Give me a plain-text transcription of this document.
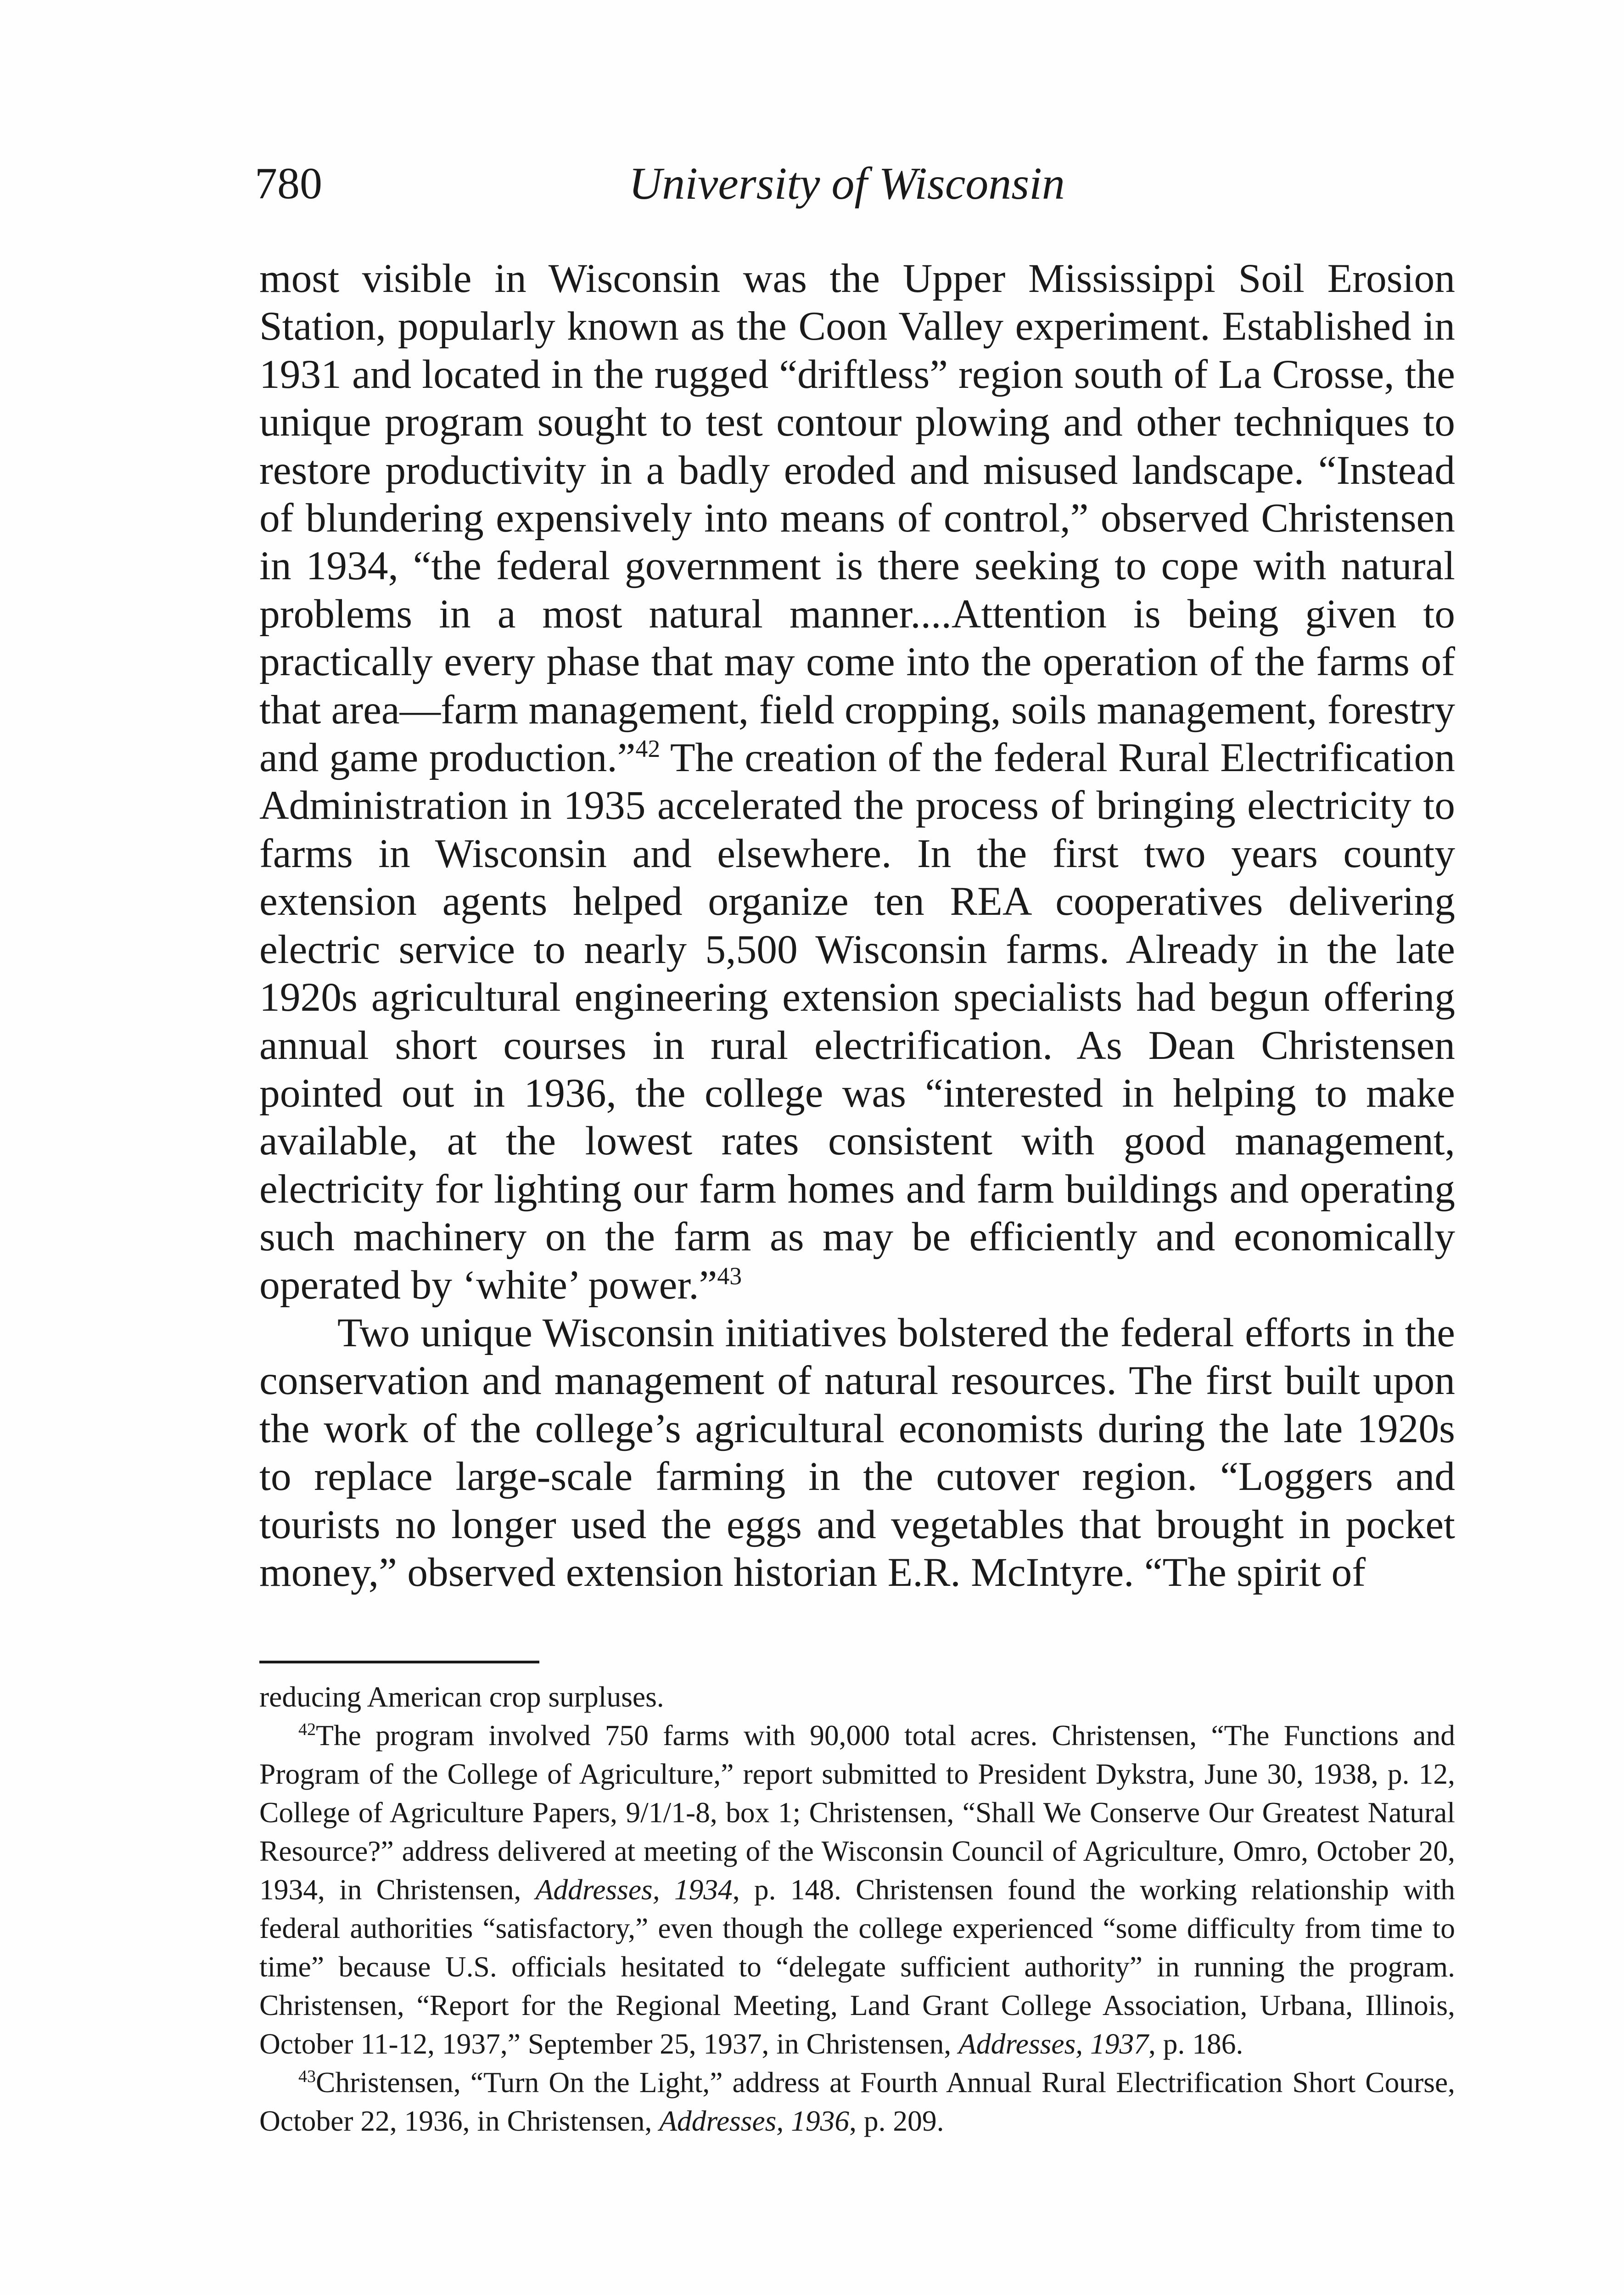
780	University of Wisconsin

most visible in Wisconsin was the Upper Mississippi Soil Erosion Station, popularly known as the Coon Valley experiment. Established in 1931 and located in the rugged “driftless” region south of La Crosse, the unique program sought to test contour plowing and other techniques to restore productivity in a badly eroded and misused landscape. “Instead of blundering expensively into means of control,” observed Christensen in 1934, “the federal government is there seeking to cope with natural problems in a most natural manner....Attention is being given to practically every phase that may come into the operation of the farms of that area—farm management, field cropping, soils management, forestry and game production.”$^{42}$ The creation of the federal Rural Electrification Administration in 1935 accelerated the process of bringing electricity to farms in Wisconsin and elsewhere. In the first two years county extension agents helped organize ten REA cooperatives delivering electric service to nearly 5,500 Wisconsin farms. Already in the late 1920s agricultural engineering extension specialists had begun offering annual short courses in rural electrification. As Dean Christensen pointed out in 1936, the college was “interested in helping to make available, at the lowest rates consistent with good management, electricity for lighting our farm homes and farm buildings and operating such machinery on the farm as may be efficiently and economically operated by ‘white’ power.”$^{43}$

Two unique Wisconsin initiatives bolstered the federal efforts in the conservation and management of natural resources. The first built upon the work of the college’s agricultural economists during the late 1920s to replace large-scale farming in the cutover region. “Loggers and tourists no longer used the eggs and vegetables that brought in pocket money,” observed extension historian E.R. McIntyre. “The spirit of

reducing American crop surpluses.

$^{42}$The program involved 750 farms with 90,000 total acres. Christensen, “The Functions and Program of the College of Agriculture,” report submitted to President Dykstra, June 30, 1938, p. 12, College of Agriculture Papers, 9/1/1-8, box 1; Christensen, “Shall We Conserve Our Greatest Natural Resource?” address delivered at meeting of the Wisconsin Council of Agriculture, Omro, October 20, 1934, in Christensen, Addresses, 1934, p. 148. Christensen found the working relationship with federal authorities “satisfactory,” even though the college experienced “some difficulty from time to time” because U.S. officials hesitated to “delegate sufficient authority” in running the program. Christensen, “Report for the Regional Meeting, Land Grant College Association, Urbana, Illinois, October 11-12, 1937,” September 25, 1937, in Christensen, Addresses, 1937, p. 186.

$^{43}$Christensen, “Turn On the Light,” address at Fourth Annual Rural Electrification Short Course, October 22, 1936, in Christensen, Addresses, 1936, p. 209.
